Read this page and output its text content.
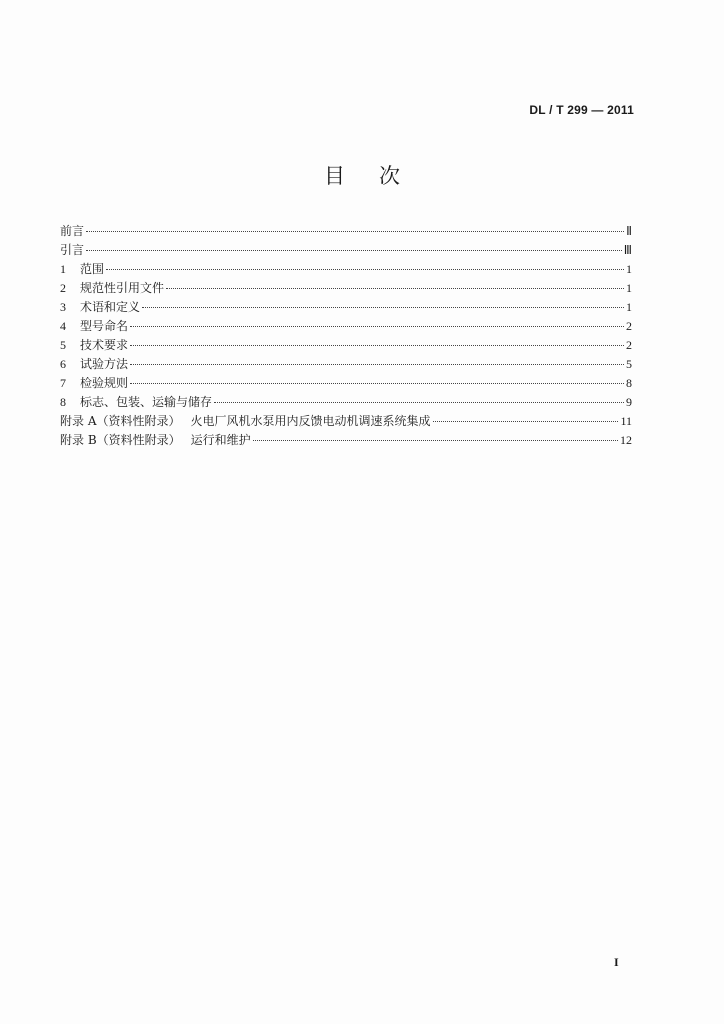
DL / T 299 — 2011
目次
前言	Ⅱ
引言	Ⅲ
1	范围	1
2	规范性引用文件	1
3	术语和定义	1
4	型号命名	2
5	技术要求	2
6	试验方法	5
7	检验规则	8
8	标志、包装、运输与储存	9
附录 A（资料性附录） 火电厂风机水泵用内反馈电动机调速系统集成	11
附录 B（资料性附录） 运行和维护	12
I
